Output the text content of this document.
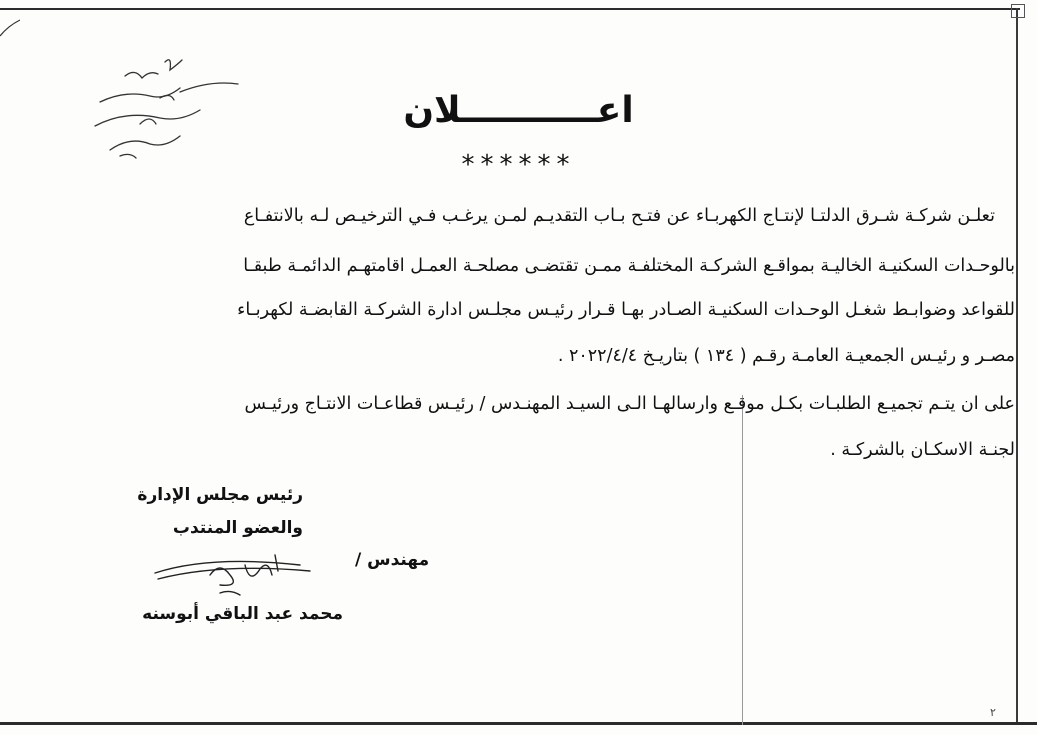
اعـــــــــــلان
******
تعلـن شركـة شـرق الدلتـا لإنتـاج الكهربـاء عن فتـح بـاب التقديـم لمـن يرغـب فـي الترخيـص لـه بالانتفـاع
بالوحـدات السكنيـة الخاليـة بمواقـع الشركـة المختلفـة ممـن تقتضـى مصلحـة العمـل اقامتهـم الدائمـة طبقـا
للقواعد وضوابـط شغـل الوحـدات السكنيـة الصـادر بهـا قـرار رئيـس مجلـس ادارة الشركـة القابضـة لكهربـاء
مصـر و رئيـس الجمعيـة العامـة رقـم ( ١٣٤ ) بتاريـخ ٢٠٢٢/٤/٤ .
على ان يتـم تجميـع الطلبـات بكـل موقـع وارسالهـا الـى السيـد المهنـدس / رئيـس قطاعـات الانتـاج ورئيـس
لجنـة الاسكـان بالشركـة .
رئيس مجلس الإدارة
والعضو المنتدب
مهندس /
محمد عبد الباقي أبوسنه
٢
